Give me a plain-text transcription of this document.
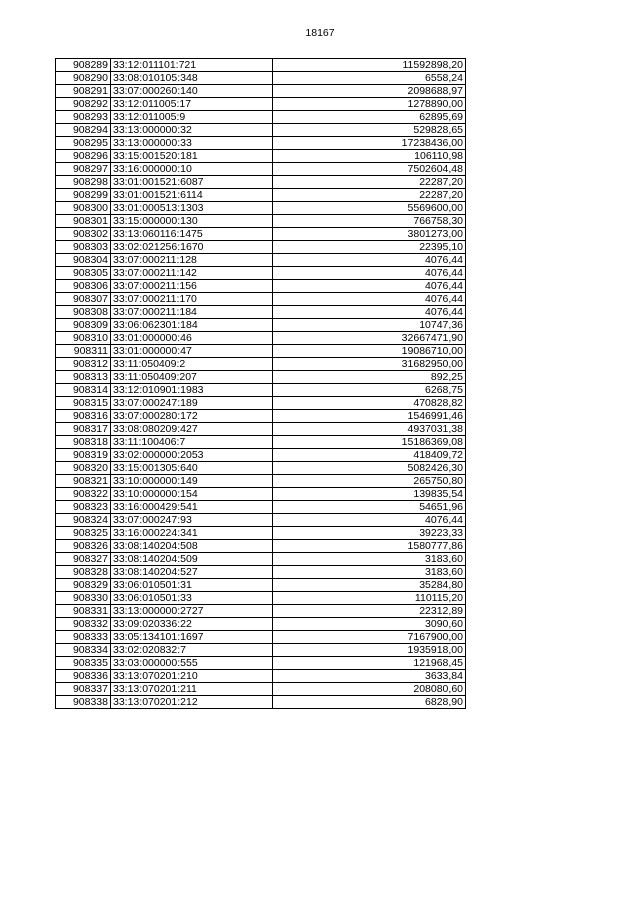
18167
908289	33:12:011101:721	11592898,20
908290	33:08:010105:348	6558,24
908291	33:07:000260:140	2098688,97
908292	33:12:011005:17	1278890,00
908293	33:12:011005:9	62895,69
908294	33:13:000000:32	529828,65
908295	33:13:000000:33	17238436,00
908296	33:15:001520:181	106110,98
908297	33:16:000000:10	7502604,48
908298	33:01:001521:6087	22287,20
908299	33:01:001521:6114	22287,20
908300	33:01:000513:1303	5569600,00
908301	33:15:000000:130	766758,30
908302	33:13:060116:1475	3801273,00
908303	33:02:021256:1670	22395,10
908304	33:07:000211:128	4076,44
908305	33:07:000211:142	4076,44
908306	33:07:000211:156	4076,44
908307	33:07:000211:170	4076,44
908308	33:07:000211:184	4076,44
908309	33:06:062301:184	10747,36
908310	33:01:000000:46	32667471,90
908311	33:01:000000:47	19086710,00
908312	33:11:050409:2	31682950,00
908313	33:11:050409:207	892,25
908314	33:12:010901:1983	6268,75
908315	33:07:000247:189	470828,82
908316	33:07:000280:172	1546991,46
908317	33:08:080209:427	4937031,38
908318	33:11:100406:7	15186369,08
908319	33:02:000000:2053	418409,72
908320	33:15:001305:640	5082426,30
908321	33:10:000000:149	265750,80
908322	33:10:000000:154	139835,54
908323	33:16:000429:541	54651,96
908324	33:07:000247:93	4076,44
908325	33:16:000224:341	39223,33
908326	33:08:140204:508	1580777,86
908327	33:08:140204:509	3183,60
908328	33:08:140204:527	3183,60
908329	33:06:010501:31	35284,80
908330	33:06:010501:33	110115,20
908331	33:13:000000:2727	22312,89
908332	33:09:020336:22	3090,60
908333	33:05:134101:1697	7167900,00
908334	33:02:020832:7	1935918,00
908335	33:03:000000:555	121968,45
908336	33:13:070201:210	3633,84
908337	33:13:070201:211	208080,60
908338	33:13:070201:212	6828,90
